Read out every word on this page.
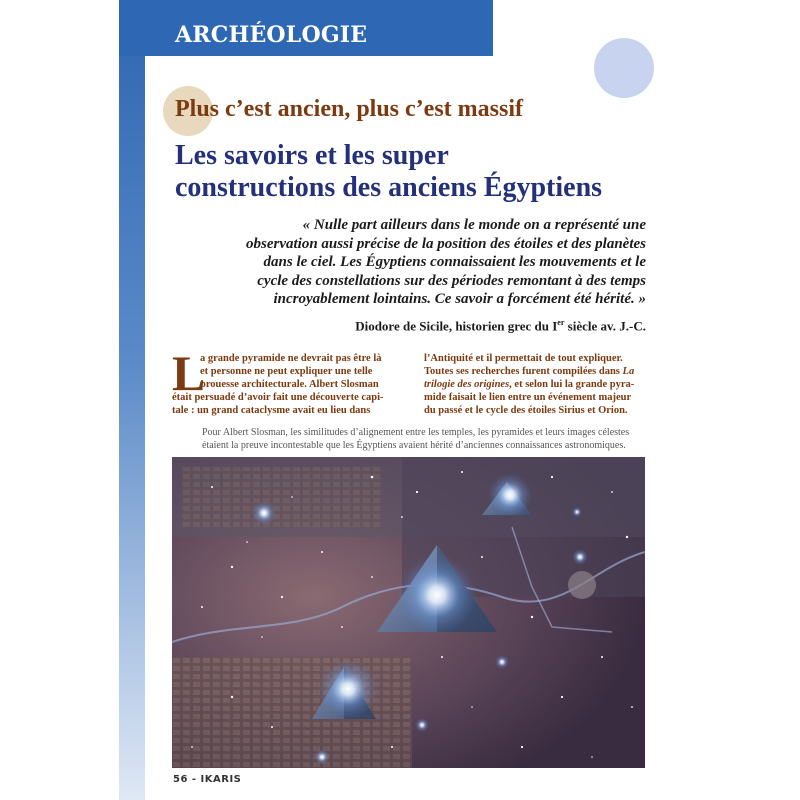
ARCHÉOLOGIE
Plus c’est ancien, plus c’est massif
Les savoirs et les super
constructions des anciens Égyptiens
« Nulle part ailleurs dans le monde on a représenté une
observation aussi précise de la position des étoiles et des planètes
dans le ciel. Les Égyptiens connaissaient les mouvements et le
cycle des constellations sur des périodes remontant à des temps
incroyablement lointains. Ce savoir a forcément été hérité. »
Diodore de Sicile, historien grec du Ier siècle av. J.-C.
L
a grande pyramide ne devrait pas être là
et personne ne peut expliquer une telle
prouesse architecturale. Albert Slosman
était persuadé d’avoir fait une découverte capi-
tale : un grand cataclysme avait eu lieu dans
l’Antiquité et il permettait de tout expliquer.
Toutes ses recherches furent compilées dans La
trilogie des origines, et selon lui la grande pyra-
mide faisait le lien entre un événement majeur
du passé et le cycle des étoiles Sirius et Orion.
Pour Albert Slosman, les similitudes d’alignement entre les temples, les pyramides et leurs images célestes
étaient la preuve incontestable que les Égyptiens avaient hérité d’anciennes connaissances astronomiques.
56 - IKARIS
